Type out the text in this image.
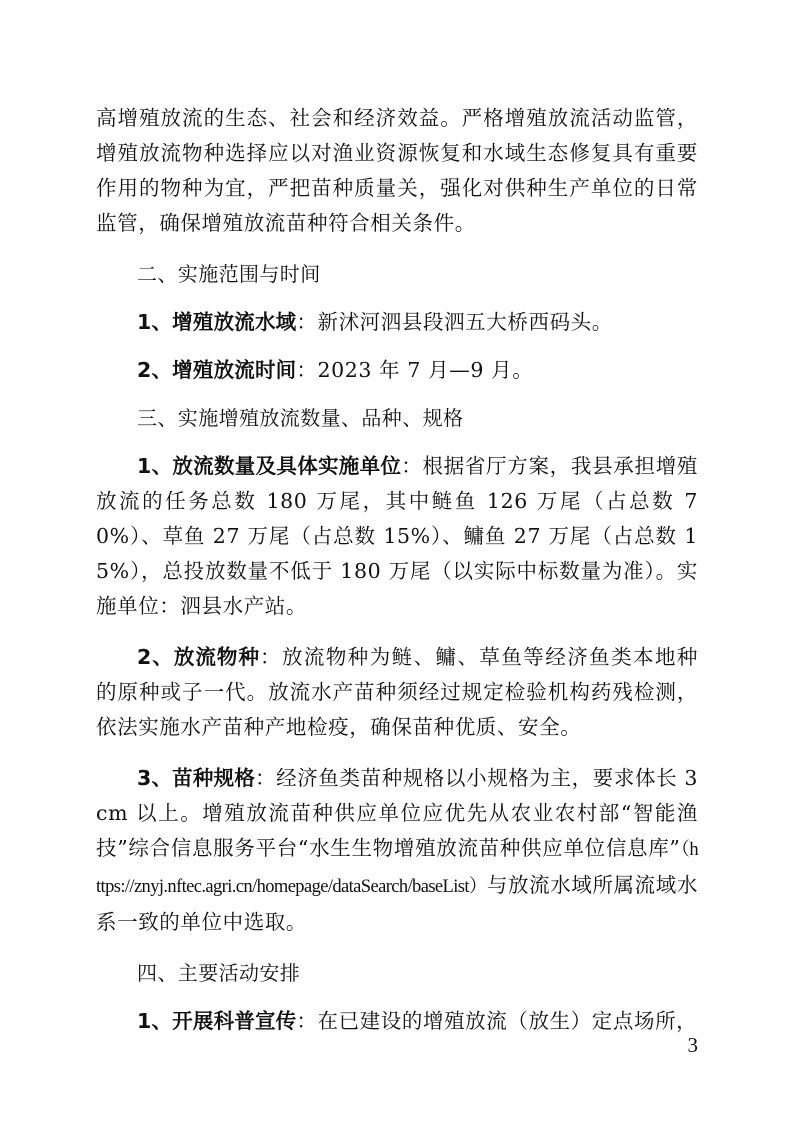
高增殖放流的生态、社会和经济效益。严格增殖放流活动监管，增殖放流物种选择应以对渔业资源恢复和水域生态修复具有重要作用的物种为宜，严把苗种质量关，强化对供种生产单位的日常监管，确保增殖放流苗种符合相关条件。

二、实施范围与时间

1、增殖放流水域：新沭河泗县段泗五大桥西码头。

2、增殖放流时间：2023 年 7 月—9 月。

三、实施增殖放流数量、品种、规格

1、放流数量及具体实施单位：根据省厅方案，我县承担增殖放流的任务总数 180 万尾，其中鲢鱼 126 万尾（占总数 70%）、草鱼 27 万尾（占总数 15%）、鳙鱼 27 万尾（占总数 15%），总投放数量不低于 180 万尾（以实际中标数量为准）。实施单位：泗县水产站。

2、放流物种：放流物种为鲢、鳙、草鱼等经济鱼类本地种的原种或子一代。放流水产苗种须经过规定检验机构药残检测，依法实施水产苗种产地检疫，确保苗种优质、安全。

3、苗种规格：经济鱼类苗种规格以小规格为主，要求体长 3cm 以上。增殖放流苗种供应单位应优先从农业农村部“智能渔技”综合信息服务平台“水生生物增殖放流苗种供应单位信息库”（https://znyj.nftec.agri.cn/homepage/dataSearch/baseList）与放流水域所属流域水系一致的单位中选取。

四、主要活动安排

1、开展科普宣传：在已建设的增殖放流（放生）定点场所，

3
